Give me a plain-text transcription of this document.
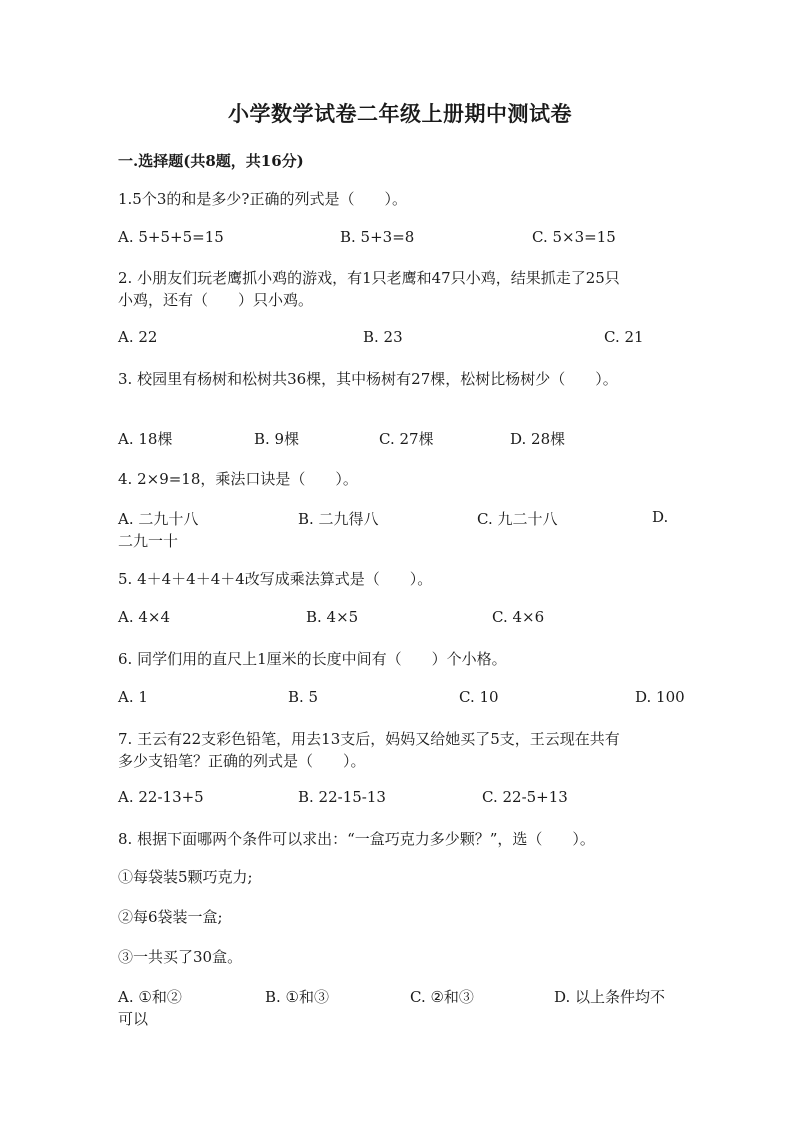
小学数学试卷二年级上册期中测试卷
一.选择题(共8题，共16分)
1.5个3的和是多少?正确的列式是（　　）。
A. 5+5+5=15	B. 5+3=8	C. 5×3=15
2. 小朋友们玩老鹰抓小鸡的游戏，有1只老鹰和47只小鸡，结果抓走了25只
小鸡，还有（　　）只小鸡。
A. 22	B. 23	C. 21
3. 校园里有杨树和松树共36棵，其中杨树有27棵，松树比杨树少（　　）。
A. 18棵	B. 9棵	C. 27棵	D. 28棵
4. 2×9=18，乘法口诀是（　　）。
A. 二九十八	B. 二九得八	C. 九二十八	D.
二九一十
5. 4＋4＋4＋4＋4改写成乘法算式是（　　）。
A. 4×4	B. 4×5	C. 4×6
6. 同学们用的直尺上1厘米的长度中间有（　　）个小格。
A. 1	B. 5	C. 10	D. 100
7. 王云有22支彩色铅笔，用去13支后，妈妈又给她买了5支，王云现在共有
多少支铅笔？正确的列式是（　　）。
A. 22-13+5	B. 22-15-13	C. 22-5+13
8. 根据下面哪两个条件可以求出：“一盒巧克力多少颗？”，选（　　）。
①每袋装5颗巧克力;
②每6袋装一盒;
③一共买了30盒。
A. ①和②	B. ①和③	C. ②和③	D. 以上条件均不
可以
